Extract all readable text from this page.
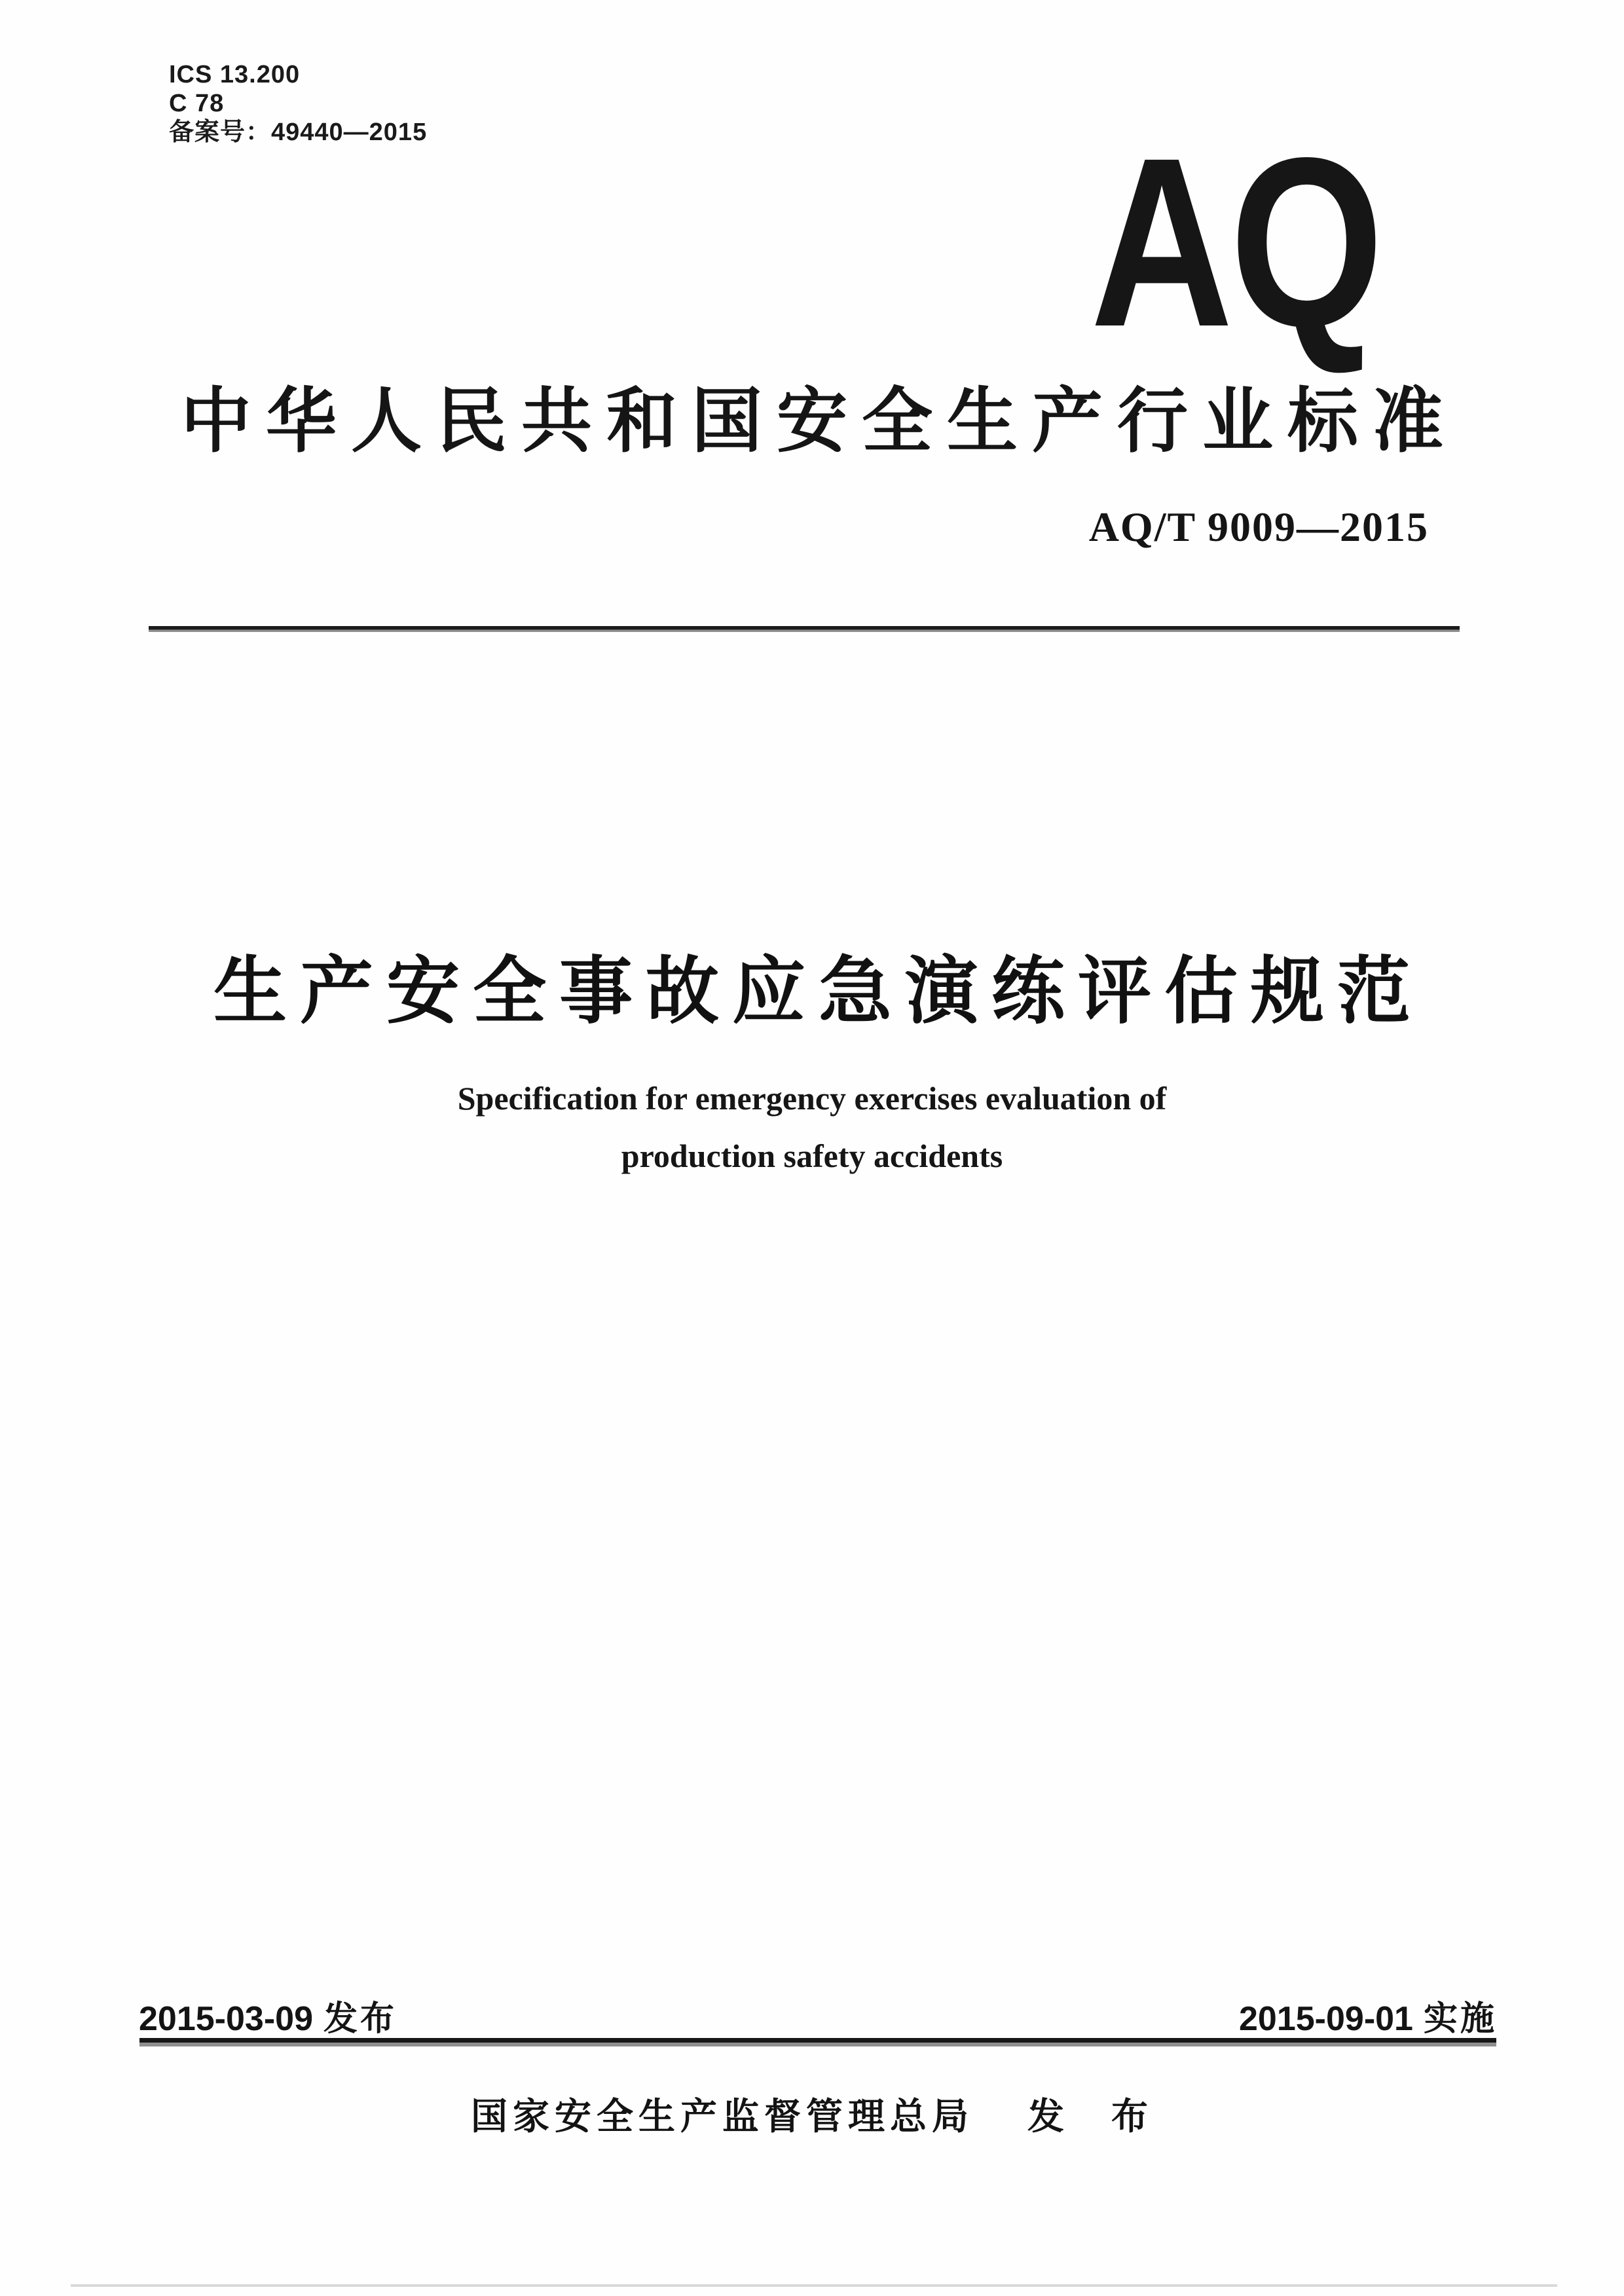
ICS 13.200
C 78
备案号：49440—2015	AQ
中华人民共和国安全生产行业标准
AQ/T 9009—2015
生产安全事故应急演练评估规范
Specification for emergency exercises evaluation of
production safety accidents
2015-03-09 发布	2015-09-01 实施
国家安全生产监督管理总局 发　布
